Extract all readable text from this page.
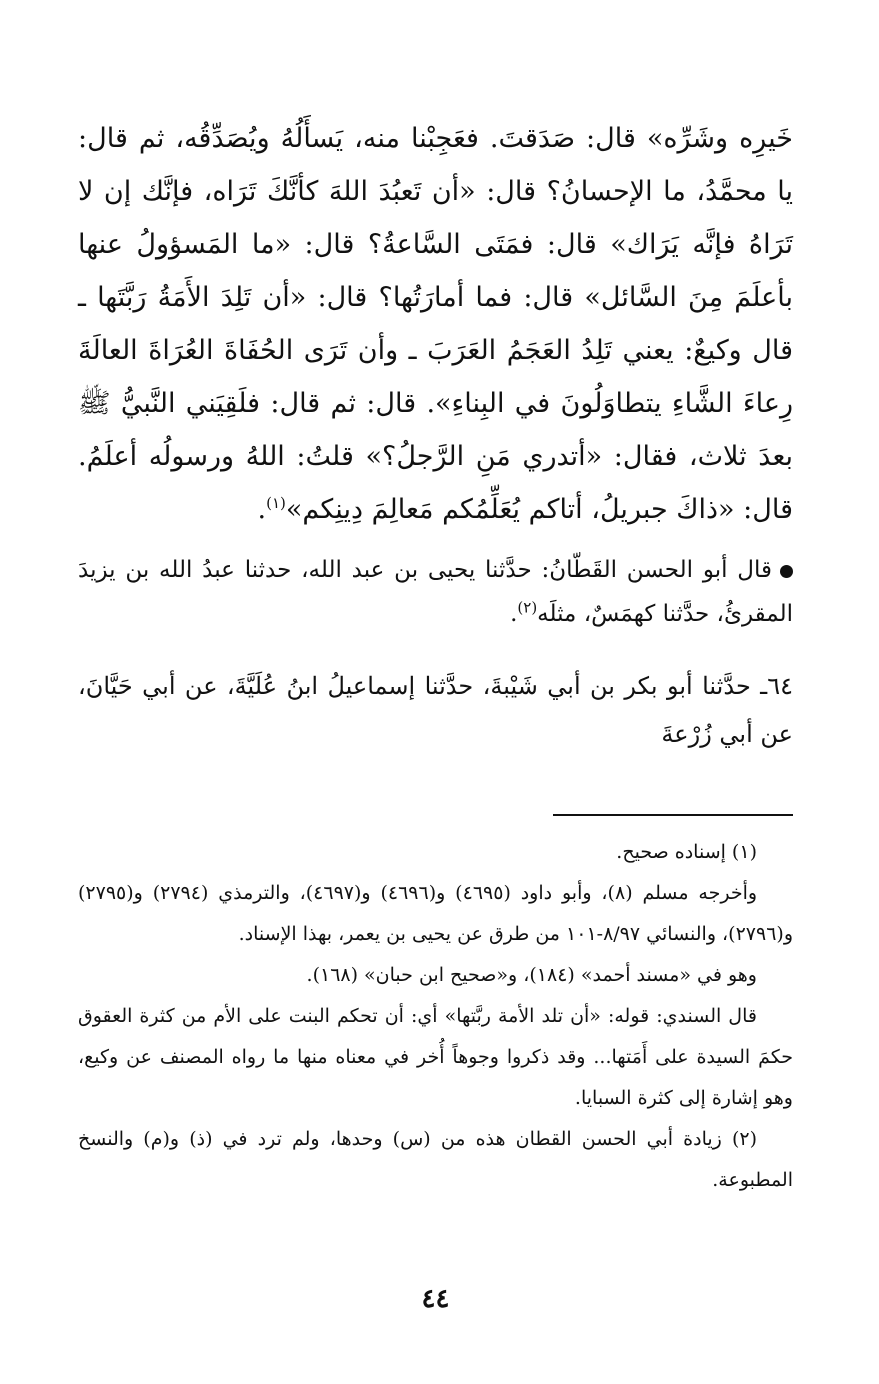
خَيرِه وشَرِّه» قال: صَدَقتَ. فعَجِبْنا منه، يَسأَلُهُ ويُصَدِّقُه، ثم قال: يا محمَّدُ، ما الإحسانُ؟ قال: «أن تَعبُدَ اللهَ كأنَّكَ تَرَاه، فإنَّك إن لا تَرَاهُ فإنَّه يَرَاك» قال: فمَتَى السَّاعةُ؟ قال: «ما المَسؤولُ عنها بأعلَمَ مِنَ السَّائل» قال: فما أمارَتُها؟ قال: «أن تَلِدَ الأَمَةُ رَبَّتَها ـ قال وكيعٌ: يعني تَلِدُ العَجَمُ العَرَبَ ـ وأن تَرَى الحُفَاةَ العُرَاةَ العالَةَ رِعاءَ الشَّاءِ يتطاوَلُونَ في البِناءِ». قال: ثم قال: فلَقِيَني النَّبيُّ ﷺ بعدَ ثلاث، فقال: «أتدري مَنِ الرَّجلُ؟» قلتُ: اللهُ ورسولُه أعلَمُ. قال: «ذاكَ جبريلُ، أتاكم يُعَلِّمُكم مَعالِمَ دِينِكم»$^{(١)}$.

قال أبو الحسن القَطّانُ: حدَّثنا يحيى بن عبد الله، حدثنا عبدُ الله بن يزيدَ المقرئُ، حدَّثنا كهمَسٌ، مثلَه$^{(٢)}$.

٦٤ـ حدَّثنا أبو بكر بن أبي شَيْبةَ، حدَّثنا إسماعيلُ ابنُ عُلَيَّةَ، عن أبي حَيَّانَ، عن أبي زُرْعةَ

(١) إسناده صحيح.

وأخرجه مسلم (٨)، وأبو داود (٤٦٩٥) و(٤٦٩٦) و(٤٦٩٧)، والترمذي (٢٧٩٤) و(٢٧٩٥) و(٢٧٩٦)، والنسائي ٨/٩٧-١٠١ من طرق عن يحيى بن يعمر، بهذا الإسناد.

وهو في «مسند أحمد» (١٨٤)، و«صحيح ابن حبان» (١٦٨).

قال السندي: قوله: «أن تلد الأمة ربَّتها» أي: أن تحكم البنت على الأم من كثرة العقوق حكمَ السيدة على أَمَتها... وقد ذكروا وجوهاً أُخر في معناه منها ما رواه المصنف عن وكيع، وهو إشارة إلى كثرة السبايا.

(٢) زيادة أبي الحسن القطان هذه من (س) وحدها، ولم ترد في (ذ) و(م) والنسخ المطبوعة.

٤٤
